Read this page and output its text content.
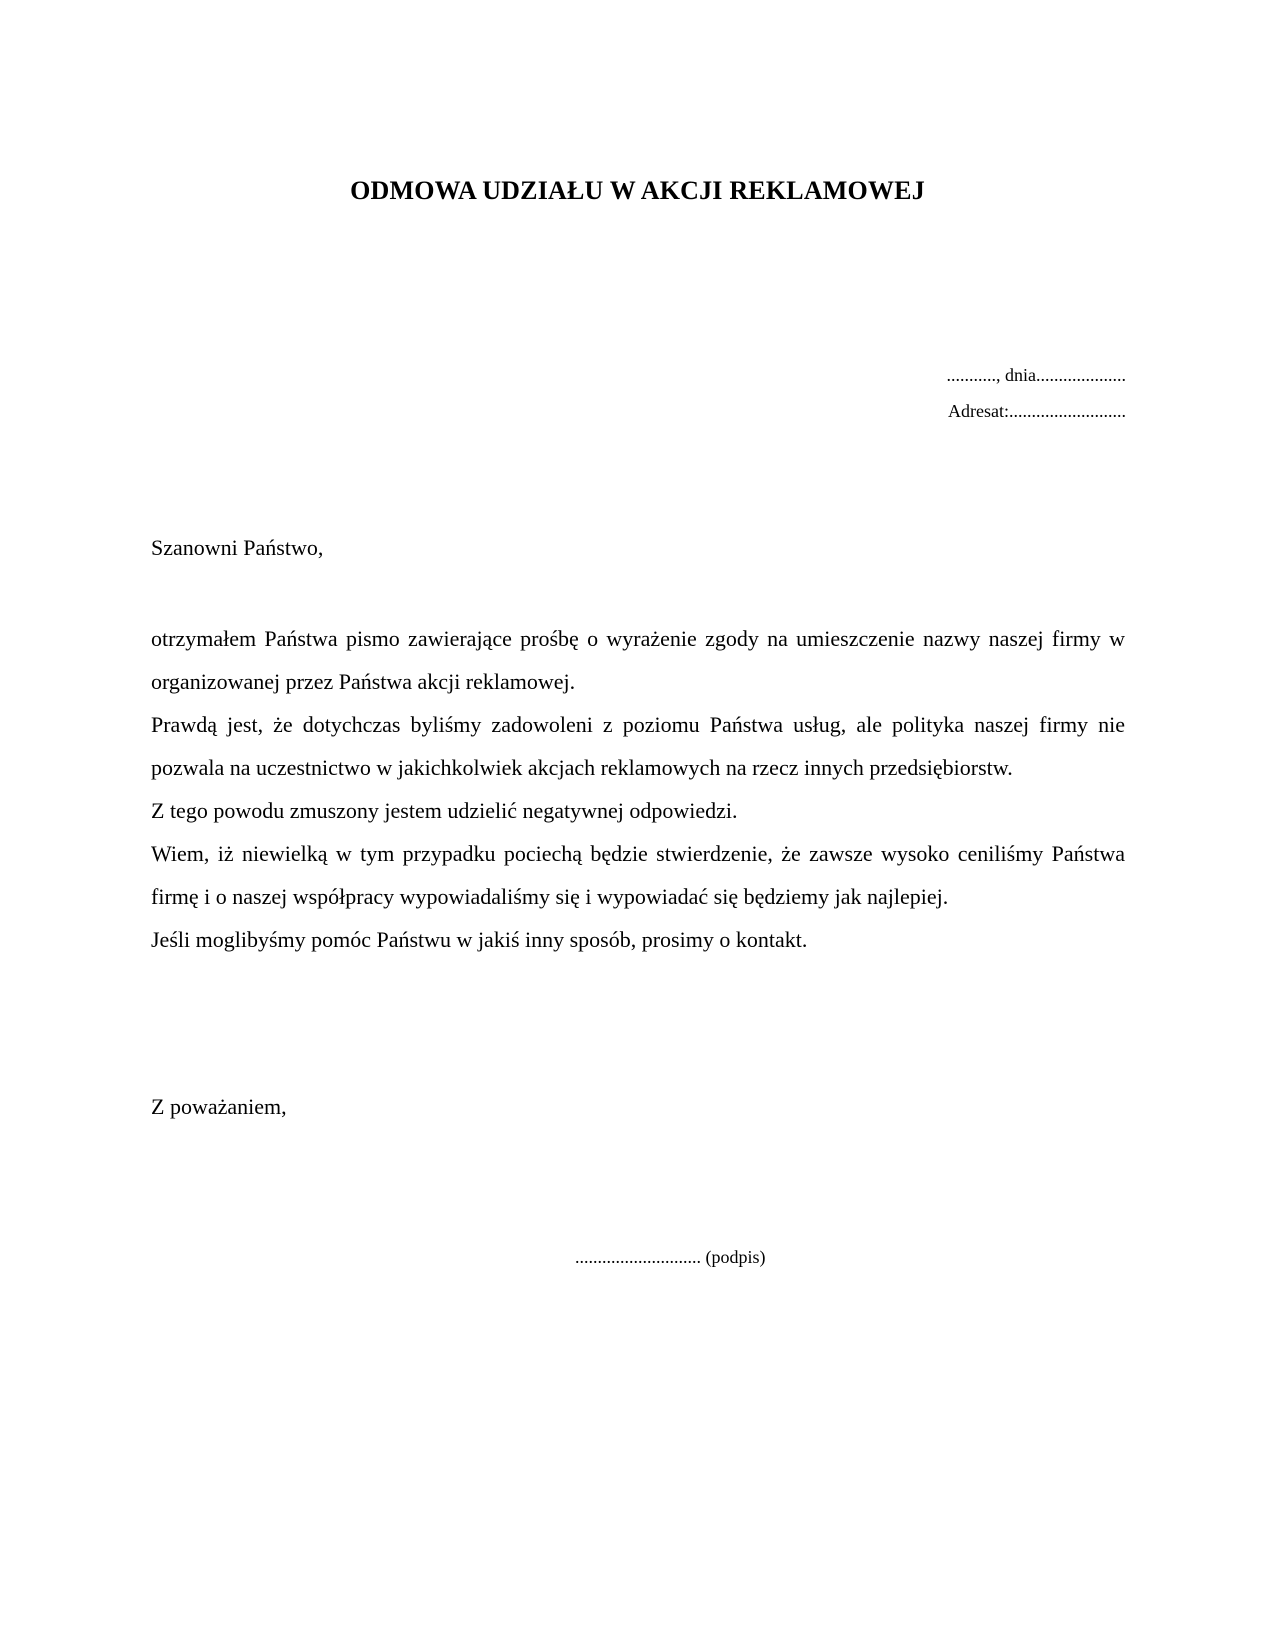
ODMOWA UDZIAŁU W AKCJI REKLAMOWEJ
..........., dnia....................
Adresat:..........................
Szanowni Państwo,

otrzymałem Państwa pismo zawierające prośbę o wyrażenie zgody na umieszczenie nazwy naszej firmy w organizowanej przez Państwa akcji reklamowej.

Prawdą jest, że dotychczas byliśmy zadowoleni z poziomu Państwa usług, ale polityka naszej firmy nie pozwala na uczestnictwo w jakichkolwiek akcjach reklamowych na rzecz innych przedsiębiorstw.

Z tego powodu zmuszony jestem udzielić negatywnej odpowiedzi.

Wiem, iż niewielką w tym przypadku pociechą będzie stwierdzenie, że zawsze wysoko ceniliśmy Państwa firmę i o naszej współpracy wypowiadaliśmy się i wypowiadać się będziemy jak najlepiej.

Jeśli moglibyśmy pomóc Państwu w jakiś inny sposób, prosimy o kontakt.

Z poważaniem,
............................ (podpis)
